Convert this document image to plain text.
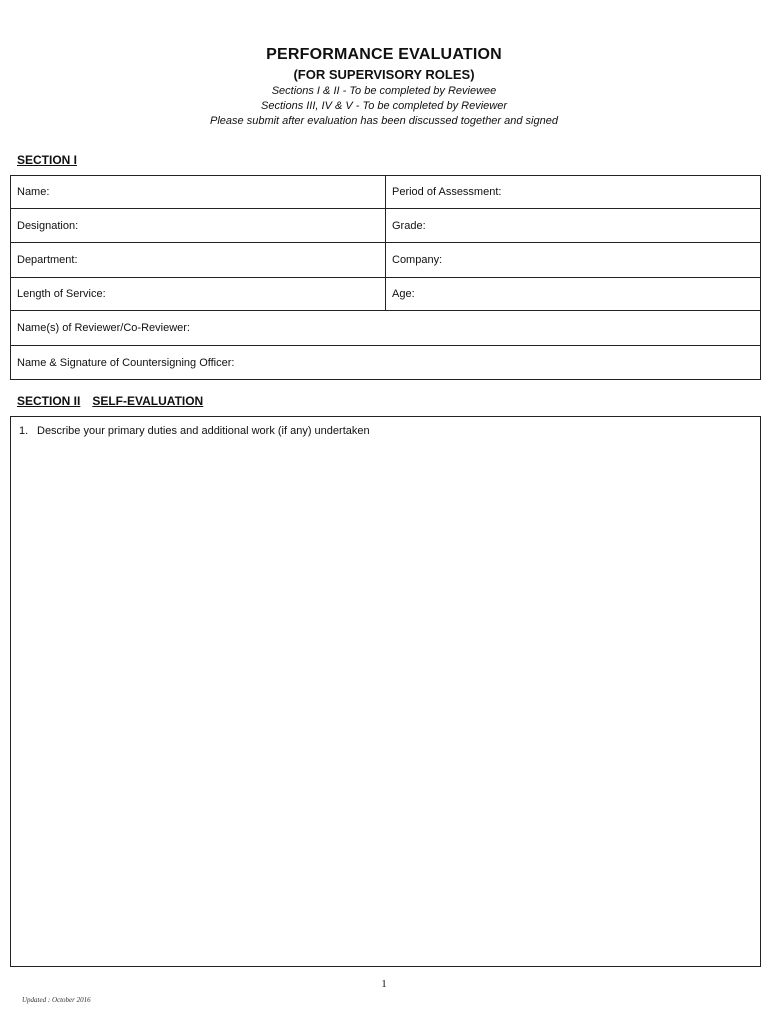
PERFORMANCE EVALUATION
(FOR SUPERVISORY ROLES)
Sections I & II - To be completed by Reviewee
Sections III, IV & V - To be completed by Reviewer
Please submit after evaluation has been discussed together and signed
SECTION I
Name:	Period of Assessment:
Designation:	Grade:
Department:	Company:
Length of Service:	Age:
Name(s) of Reviewer/Co-Reviewer:	
Name & Signature of Countersigning Officer:	
SECTION II SELF-EVALUATION
1. Describe your primary duties and additional work (if any) undertaken
1
Updated : October 2016
